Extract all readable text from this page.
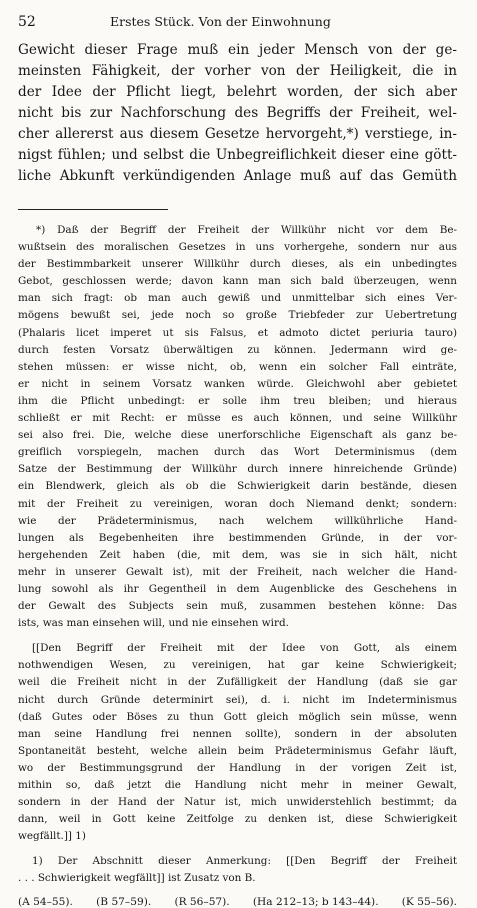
52	Erstes Stück. Von der Einwohnung
Gewicht dieser Frage muß ein jeder Mensch von der ge-
meinsten Fähigkeit, der vorher von der Heiligkeit, die in
der Idee der Pflicht liegt, belehrt worden, der sich aber
nicht bis zur Nachforschung des Begriffs der Freiheit, wel-
cher allererst aus diesem Gesetze hervorgeht,*) verstiege, in-
nigst fühlen; und selbst die Unbegreiflichkeit dieser eine gött-
liche Abkunft verkündigenden Anlage muß auf das Gemüth
*) Daß der Begriff der Freiheit der Willkühr nicht vor dem Be-
wußtsein des moralischen Gesetzes in uns vorhergehe, sondern nur aus
der Bestimmbarkeit unserer Willkühr durch dieses, als ein unbedingtes
Gebot, geschlossen werde; davon kann man sich bald überzeugen, wenn
man sich fragt: ob man auch gewiß und unmittelbar sich eines Ver-
mögens bewußt sei, jede noch so große Triebfeder zur Uebertretung
(Phalaris licet imperet ut sis Falsus, et admoto dictet periuria tauro)
durch festen Vorsatz überwältigen zu können. Jedermann wird ge-
stehen müssen: er wisse nicht, ob, wenn ein solcher Fall einträte,
er nicht in seinem Vorsatz wanken würde. Gleichwohl aber gebietet
ihm die Pflicht unbedingt: er solle ihm treu bleiben; und hieraus
schließt er mit Recht: er müsse es auch können, und seine Willkühr
sei also frei. Die, welche diese unerforschliche Eigenschaft als ganz be-
greiflich vorspiegeln, machen durch das Wort Determinismus (dem
Satze der Bestimmung der Willkühr durch innere hinreichende Gründe)
ein Blendwerk, gleich als ob die Schwierigkeit darin bestände, diesen
mit der Freiheit zu vereinigen, woran doch Niemand denkt; sondern:
wie der Prädeterminismus, nach welchem willkührliche Hand-
lungen als Begebenheiten ihre bestimmenden Gründe, in der vor-
hergehenden Zeit haben (die, mit dem, was sie in sich hält, nicht
mehr in unserer Gewalt ist), mit der Freiheit, nach welcher die Hand-
lung sowohl als ihr Gegentheil in dem Augenblicke des Geschehens in
der Gewalt des Subjects sein muß, zusammen bestehen könne: Das
ists, was man einsehen will, und nie einsehen wird.
[[Den Begriff der Freiheit mit der Idee von Gott, als einem
nothwendigen Wesen, zu vereinigen, hat gar keine Schwierigkeit;
weil die Freiheit nicht in der Zufälligkeit der Handlung (daß sie gar
nicht durch Gründe determinirt sei), d. i. nicht im Indeterminismus
(daß Gutes oder Böses zu thun Gott gleich möglich sein müsse, wenn
man seine Handlung frei nennen sollte), sondern in der absoluten
Spontaneität besteht, welche allein beim Prädeterminismus Gefahr läuft,
wo der Bestimmungsgrund der Handlung in der vorigen Zeit ist,
mithin so, daß jetzt die Handlung nicht mehr in meiner Gewalt,
sondern in der Hand der Natur ist, mich unwiderstehlich bestimmt; da
dann, weil in Gott keine Zeitfolge zu denken ist, diese Schwierigkeit
wegfällt.]] 1)
1) Der Abschnitt dieser Anmerkung: [[Den Begriff der Freiheit
. . . Schwierigkeit wegfällt]] ist Zusatz von B.
(A 54–55). (B 57–59). (R 56–57). (Ha 212–13; b 143–44). (K 55–56).
